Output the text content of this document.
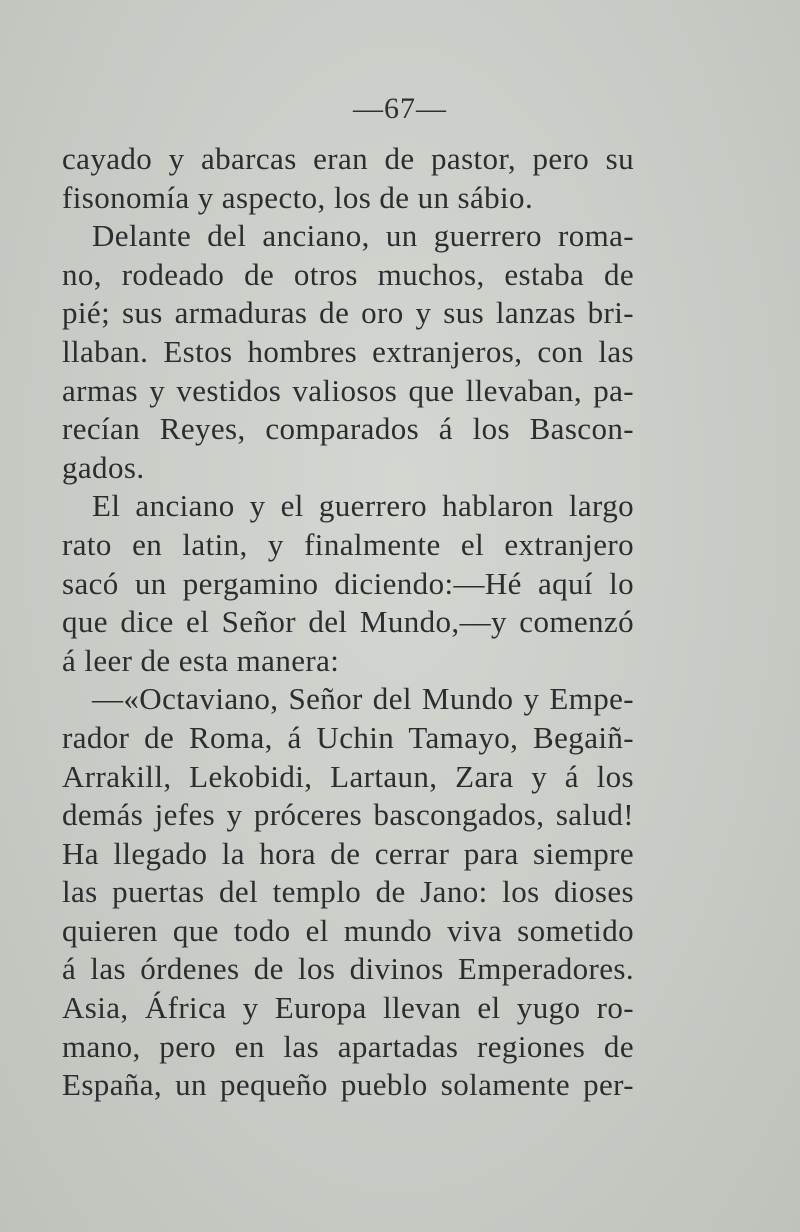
—67—
cayado y abarcas eran de pastor, pero su
fisonomía y aspecto, los de un sábio.
Delante del anciano, un guerrero roma-
no, rodeado de otros muchos, estaba de
pié; sus armaduras de oro y sus lanzas bri-
llaban. Estos hombres extranjeros, con las
armas y vestidos valiosos que llevaban, pa-
recían Reyes, comparados á los Bascon-
gados.
El anciano y el guerrero hablaron largo
rato en latin, y finalmente el extranjero
sacó un pergamino diciendo:—Hé aquí lo
que dice el Señor del Mundo,—y comenzó
á leer de esta manera:
—«Octaviano, Señor del Mundo y Empe-
rador de Roma, á Uchin Tamayo, Begaiñ-
Arrakill, Lekobidi, Lartaun, Zara y á los
demás jefes y próceres bascongados, salud!
Ha llegado la hora de cerrar para siempre
las puertas del templo de Jano: los dioses
quieren que todo el mundo viva sometido
á las órdenes de los divinos Emperadores.
Asia, África y Europa llevan el yugo ro-
mano, pero en las apartadas regiones de
España, un pequeño pueblo solamente per-
